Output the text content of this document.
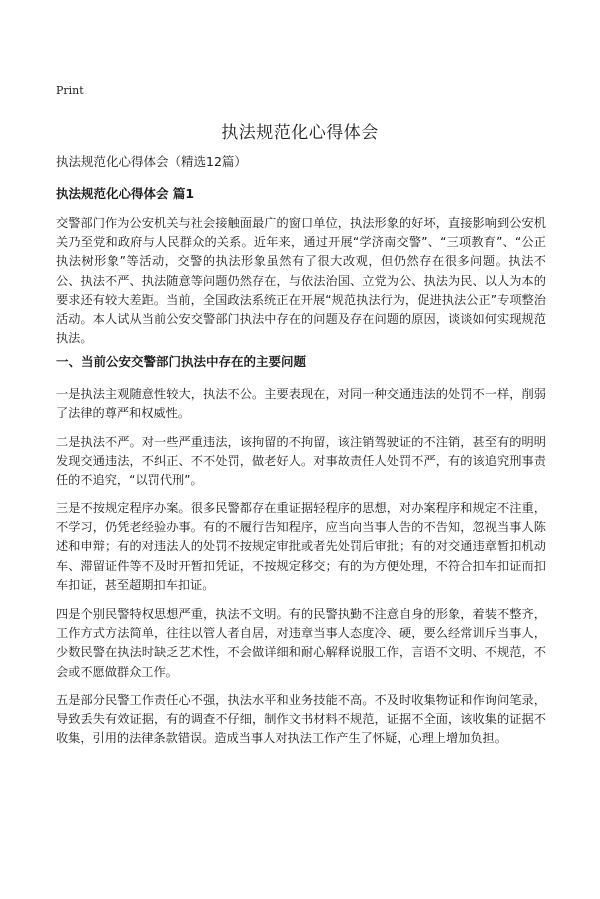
Print
执法规范化心得体会

执法规范化心得体会（精选12篇）

执法规范化心得体会 篇1

交警部门作为公安机关与社会接触面最广的窗口单位，执法形象的好坏，直接影响到公安机关乃至党和政府与人民群众的关系。近年来，通过开展“学济南交警”、“三项教育”、“公正执法树形象”等活动，交警的执法形象虽然有了很大改观，但仍然存在很多问题。执法不公、执法不严、执法随意等问题仍然存在，与依法治国、立党为公、执法为民、以人为本的要求还有较大差距。当前，全国政法系统正在开展“规范执法行为，促进执法公正”专项整治活动。本人试从当前公安交警部门执法中存在的问题及存在问题的原因，谈谈如何实现规范执法。

一、当前公安交警部门执法中存在的主要问题

一是执法主观随意性较大，执法不公。主要表现在，对同一种交通违法的处罚不一样，削弱了法律的尊严和权威性。

二是执法不严。对一些严重违法，该拘留的不拘留，该注销驾驶证的不注销，甚至有的明明发现交通违法，不纠正、不不处罚，做老好人。对事故责任人处罚不严，有的该追究刑事责任的不追究，“以罚代刑”。

三是不按规定程序办案。很多民警都存在重证据轻程序的思想，对办案程序和规定不注重，不学习，仍凭老经验办事。有的不履行告知程序，应当向当事人告的不告知，忽视当事人陈述和申辩；有的对违法人的处罚不按规定审批或者先处罚后审批；有的对交通违章暂扣机动车、滞留证件等不及时开暂扣凭证，不按规定移交；有的为方便处理，不符合扣车扣证而扣车扣证，甚至超期扣车扣证。

四是个别民警特权思想严重，执法不文明。有的民警执勤不注意自身的形象，着装不整齐，工作方式方法简单，往往以管人者自居，对违章当事人态度冷、硬，要么经常训斥当事人，少数民警在执法时缺乏艺术性，不会做详细和耐心解释说服工作，言语不文明、不规范，不会或不愿做群众工作。

五是部分民警工作责任心不强，执法水平和业务技能不高。不及时收集物证和作询问笔录，导致丢失有效证据，有的调查不仔细，制作文书材料不规范，证据不全面，该收集的证据不收集，引用的法律条款错误。造成当事人对执法工作产生了怀疑，心理上增加负担。
